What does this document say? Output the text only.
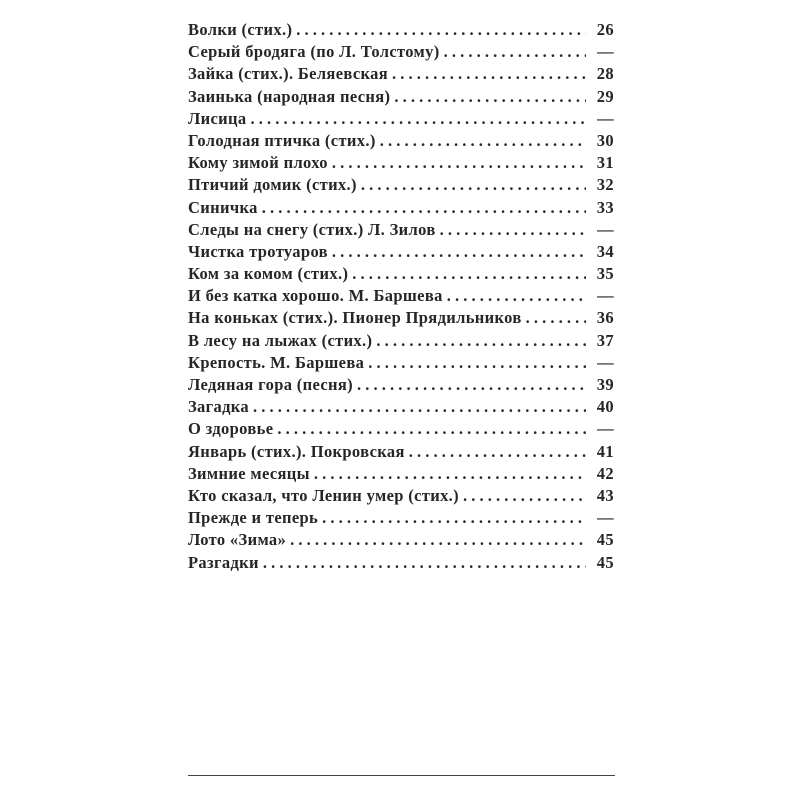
Волки (стих.) . . .	26
Серый бродяга (по Л. Толстому) . . .	—
Зайка (стих.). Беляевская . . .	28
Заинька (народная песня) . . .	29
Лисица . . .	—
Голодная птичка (стих.) . . .	30
Кому зимой плохо . . .	31
Птичий домик (стих.) . . .	32
Синичка . . .	33
Следы на снегу (стих.) Л. Зилов . . .	—
Чистка тротуаров . . .	34
Ком за комом (стих.) . . .	35
И без катка хорошо. М. Баршева . . .	—
На коньках (стих.). Пионер Прядильников . . .	36
В лесу на лыжах (стих.) . . .	37
Крепость. М. Баршева . . .	—
Ледяная гора (песня) . . .	39
Загадка . . .	40
О здоровье . . .	—
Январь (стих.). Покровская . . .	41
Зимние месяцы . . .	42
Кто сказал, что Ленин умер (стих.) . . .	43
Прежде и теперь . . .	—
Лото «Зима» . . .	45
Разгадки . . .	45
